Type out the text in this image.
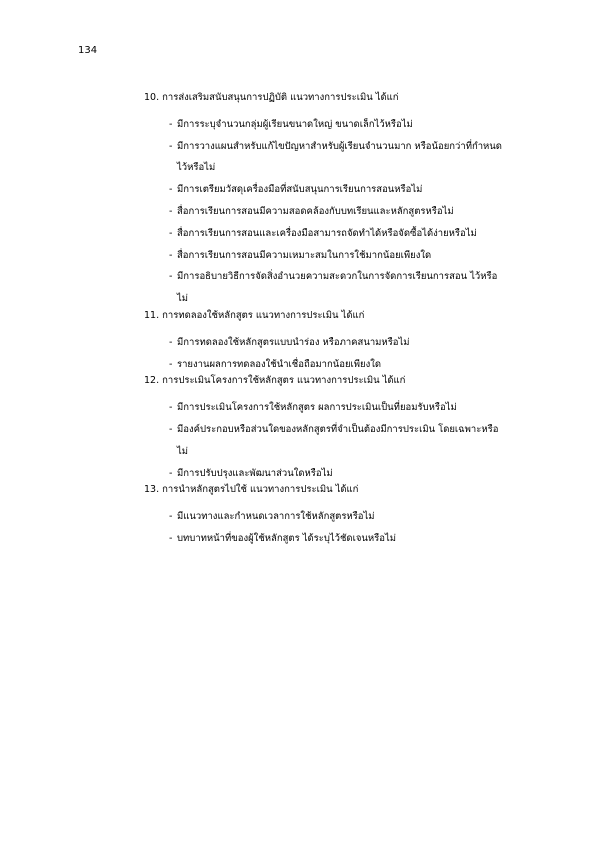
134
10. การส่งเสริมสนับสนุนการปฏิบัติ แนวทางการประเมิน ได้แก่
- มีการระบุจำนวนกลุ่มผู้เรียนขนาดใหญ่ ขนาดเล็กไว้หรือไม่
- มีการวางแผนสำหรับแก้ไขปัญหาสำหรับผู้เรียนจำนวนมาก หรือน้อยกว่าที่กำหนดไว้หรือไม่
- มีการเตรียมวัสดุเครื่องมือที่สนับสนุนการเรียนการสอนหรือไม่
- สื่อการเรียนการสอนมีความสอดคล้องกับบทเรียนและหลักสูตรหรือไม่
- สื่อการเรียนการสอนและเครื่องมือสามารถจัดทำได้หรือจัดซื้อได้ง่ายหรือไม่
- สื่อการเรียนการสอนมีความเหมาะสมในการใช้มากน้อยเพียงใด
- มีการอธิบายวิธีการจัดสิ่งอำนวยความสะดวกในการจัดการเรียนการสอน ไว้หรือไม่
11. การทดลองใช้หลักสูตร แนวทางการประเมิน ได้แก่
- มีการทดลองใช้หลักสูตรแบบนำร่อง หรือภาคสนามหรือไม่
- รายงานผลการทดลองใช้นำเชื่อถือมากน้อยเพียงใด
12. การประเมินโครงการใช้หลักสูตร แนวทางการประเมิน ได้แก่
- มีการประเมินโครงการใช้หลักสูตร ผลการประเมินเป็นที่ยอมรับหรือไม่
- มีองค์ประกอบหรือส่วนใดของหลักสูตรที่จำเป็นต้องมีการประเมิน โดยเฉพาะหรือไม่
- มีการปรับปรุงและพัฒนาส่วนใดหรือไม่
13. การนำหลักสูตรไปใช้ แนวทางการประเมิน ได้แก่
- มีแนวทางและกำหนดเวลาการใช้หลักสูตรหรือไม่
- บทบาทหน้าที่ของผู้ใช้หลักสูตร ได้ระบุไว้ชัดเจนหรือไม่
